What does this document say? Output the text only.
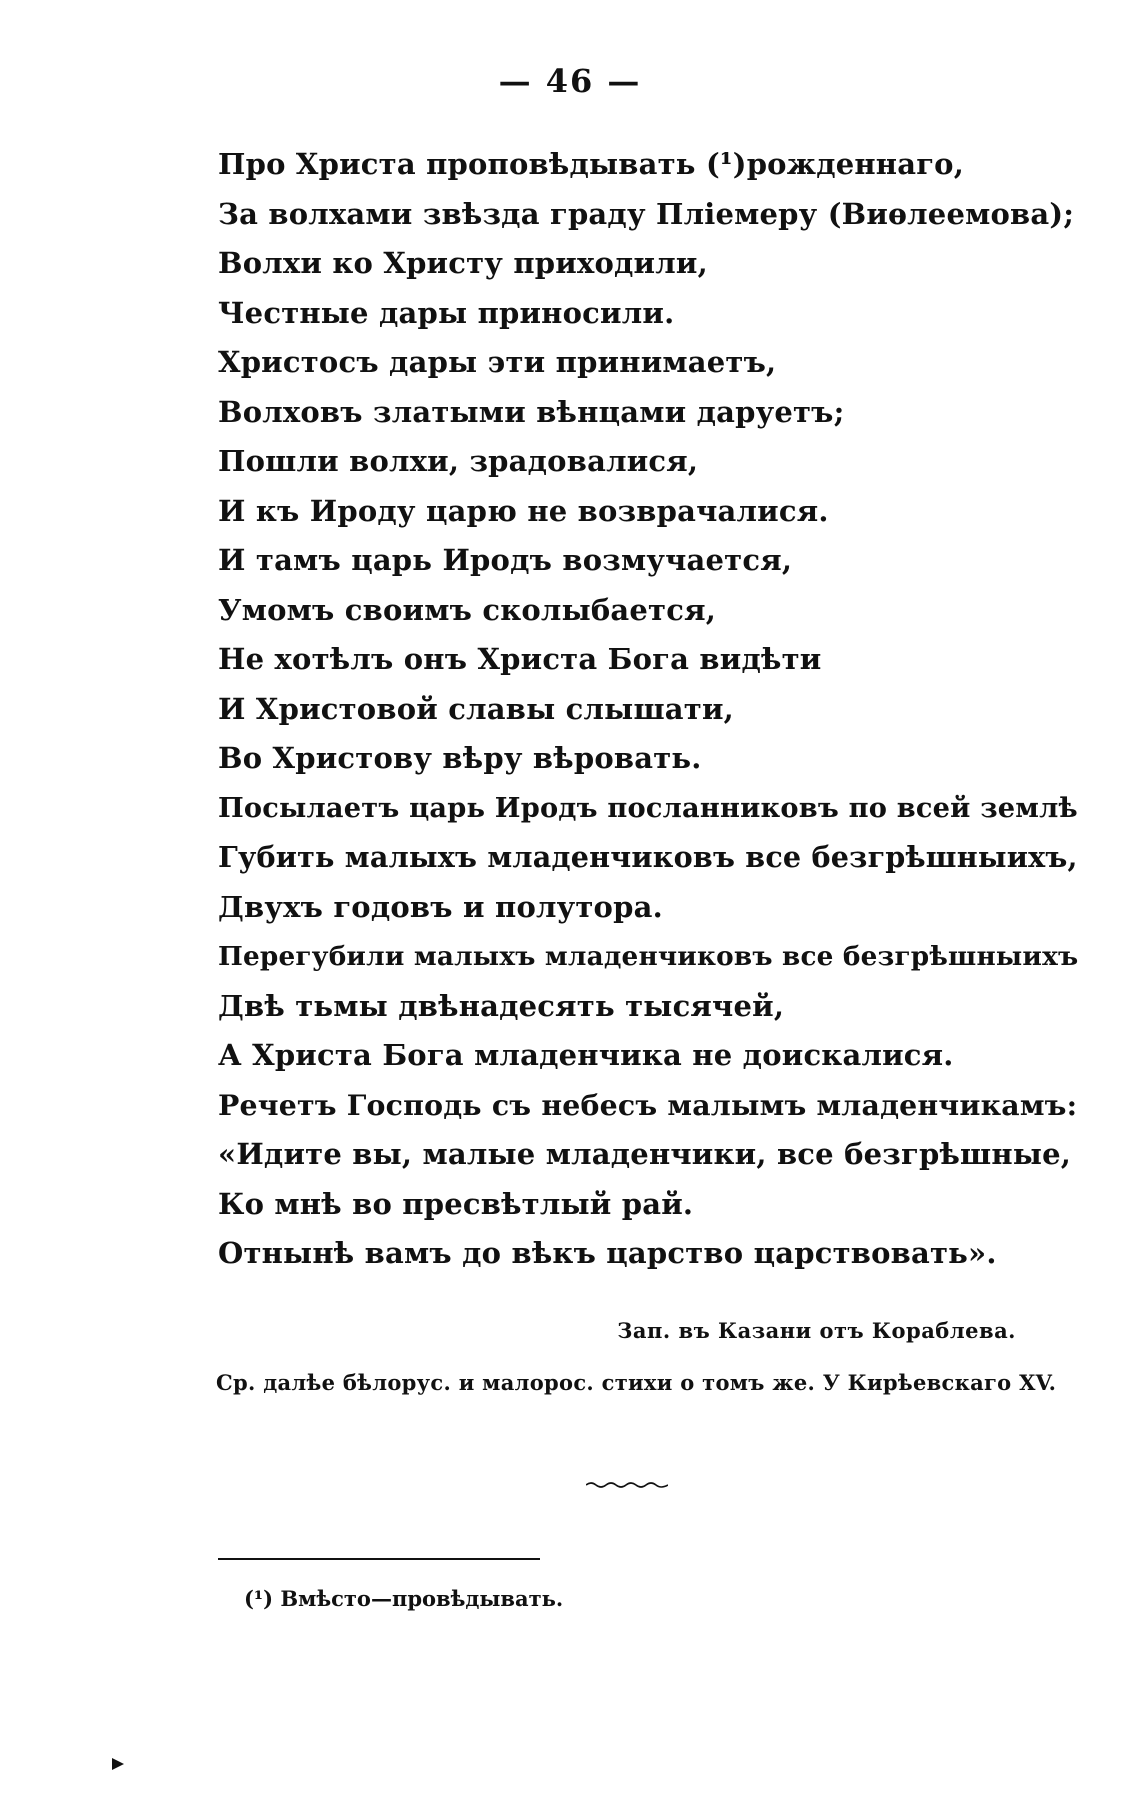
— 46 —
Про Христа проповѣдывать (¹)рожденнаго,
За волхами звѣзда граду Пліемеру (Виѳлеемова);
Волхи ко Христу приходили,
Честные дары приносили.
Христосъ дары эти принимаетъ,
Волховъ златыми вѣнцами даруетъ;
Пошли волхи, зрадовалися,
И къ Ироду царю не возврачалися.
И тамъ царь Иродъ возмучается,
Умомъ своимъ сколыбается,
Не хотѣлъ онъ Христа Бога видѣти
И Христовой славы слышати,
Во Христову вѣру вѣровать.
Посылаетъ царь Иродъ посланниковъ по всей землѣ
Губить малыхъ младенчиковъ все безгрѣшныихъ,
Двухъ годовъ и полутора.
Перегубили малыхъ младенчиковъ все безгрѣшныихъ
Двѣ тьмы двѣнадесять тысячей,
А Христа Бога младенчика не доискалися.
Речетъ Господь съ небесъ малымъ младенчикамъ:
«Идите вы, малые младенчики, все безгрѣшные,
Ко мнѣ во пресвѣтлый рай.
Отнынѣ вамъ до вѣкъ царство царствовать».
Зап. въ Казани отъ Кораблева.
Ср. далѣе бѣлорус. и малорос. стихи о томъ же. У Кирѣевскаго XV.
(¹) Вмѣсто—провѣдывать.
